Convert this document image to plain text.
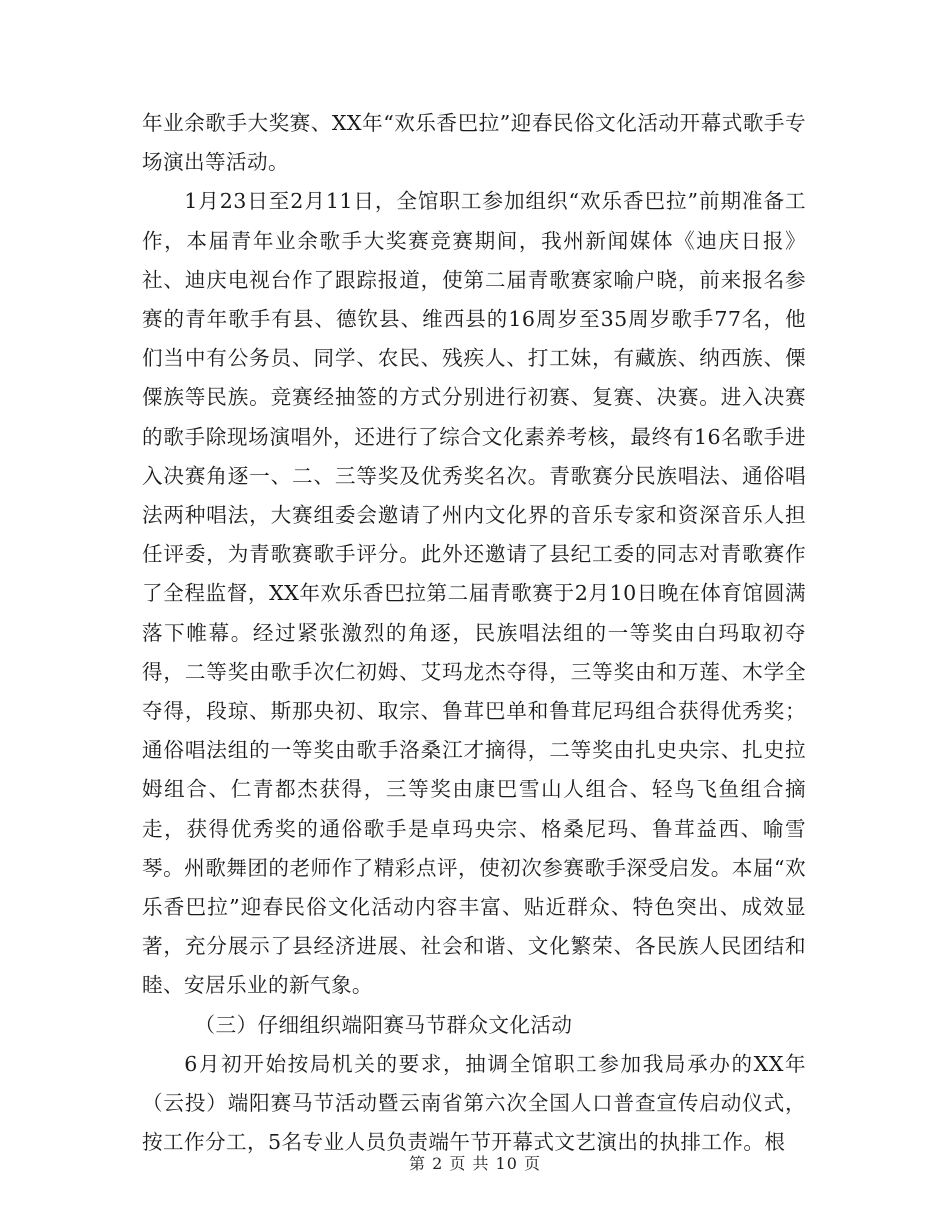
年业余歌手大奖赛、XX年“欢乐香巴拉”迎春民俗文化活动开幕式歌手专场演出等活动。

1月23日至2月11日，全馆职工参加组织“欢乐香巴拉”前期准备工作，本届青年业余歌手大奖赛竞赛期间，我州新闻媒体《迪庆日报》社、迪庆电视台作了跟踪报道，使第二届青歌赛家喻户晓，前来报名参赛的青年歌手有县、德钦县、维西县的16周岁至35周岁歌手77名，他们当中有公务员、同学、农民、残疾人、打工妹，有藏族、纳西族、傈僳族等民族。竞赛经抽签的方式分别进行初赛、复赛、决赛。进入决赛的歌手除现场演唱外，还进行了综合文化素养考核，最终有16名歌手进入决赛角逐一、二、三等奖及优秀奖名次。青歌赛分民族唱法、通俗唱法两种唱法，大赛组委会邀请了州内文化界的音乐专家和资深音乐人担任评委，为青歌赛歌手评分。此外还邀请了县纪工委的同志对青歌赛作了全程监督，XX年欢乐香巴拉第二届青歌赛于2月10日晚在体育馆圆满落下帷幕。经过紧张激烈的角逐，民族唱法组的一等奖由白玛取初夺得，二等奖由歌手次仁初姆、艾玛龙杰夺得，三等奖由和万莲、木学全夺得，段琼、斯那央初、取宗、鲁茸巴单和鲁茸尼玛组合获得优秀奖；通俗唱法组的一等奖由歌手洛桑江才摘得，二等奖由扎史央宗、扎史拉姆组合、仁青都杰获得，三等奖由康巴雪山人组合、轻鸟飞鱼组合摘走，获得优秀奖的通俗歌手是卓玛央宗、格桑尼玛、鲁茸益西、喻雪琴。州歌舞团的老师作了精彩点评，使初次参赛歌手深受启发。本届“欢乐香巴拉”迎春民俗文化活动内容丰富、贴近群众、特色突出、成效显著，充分展示了县经济进展、社会和谐、文化繁荣、各民族人民团结和睦、安居乐业的新气象。

（三）仔细组织端阳赛马节群众文化活动

6月初开始按局机关的要求，抽调全馆职工参加我局承办的XX年（云投）端阳赛马节活动暨云南省第六次全国人口普查宣传启动仪式，按工作分工，5名专业人员负责端午节开幕式文艺演出的执排工作。根

第 2 页 共 10 页
